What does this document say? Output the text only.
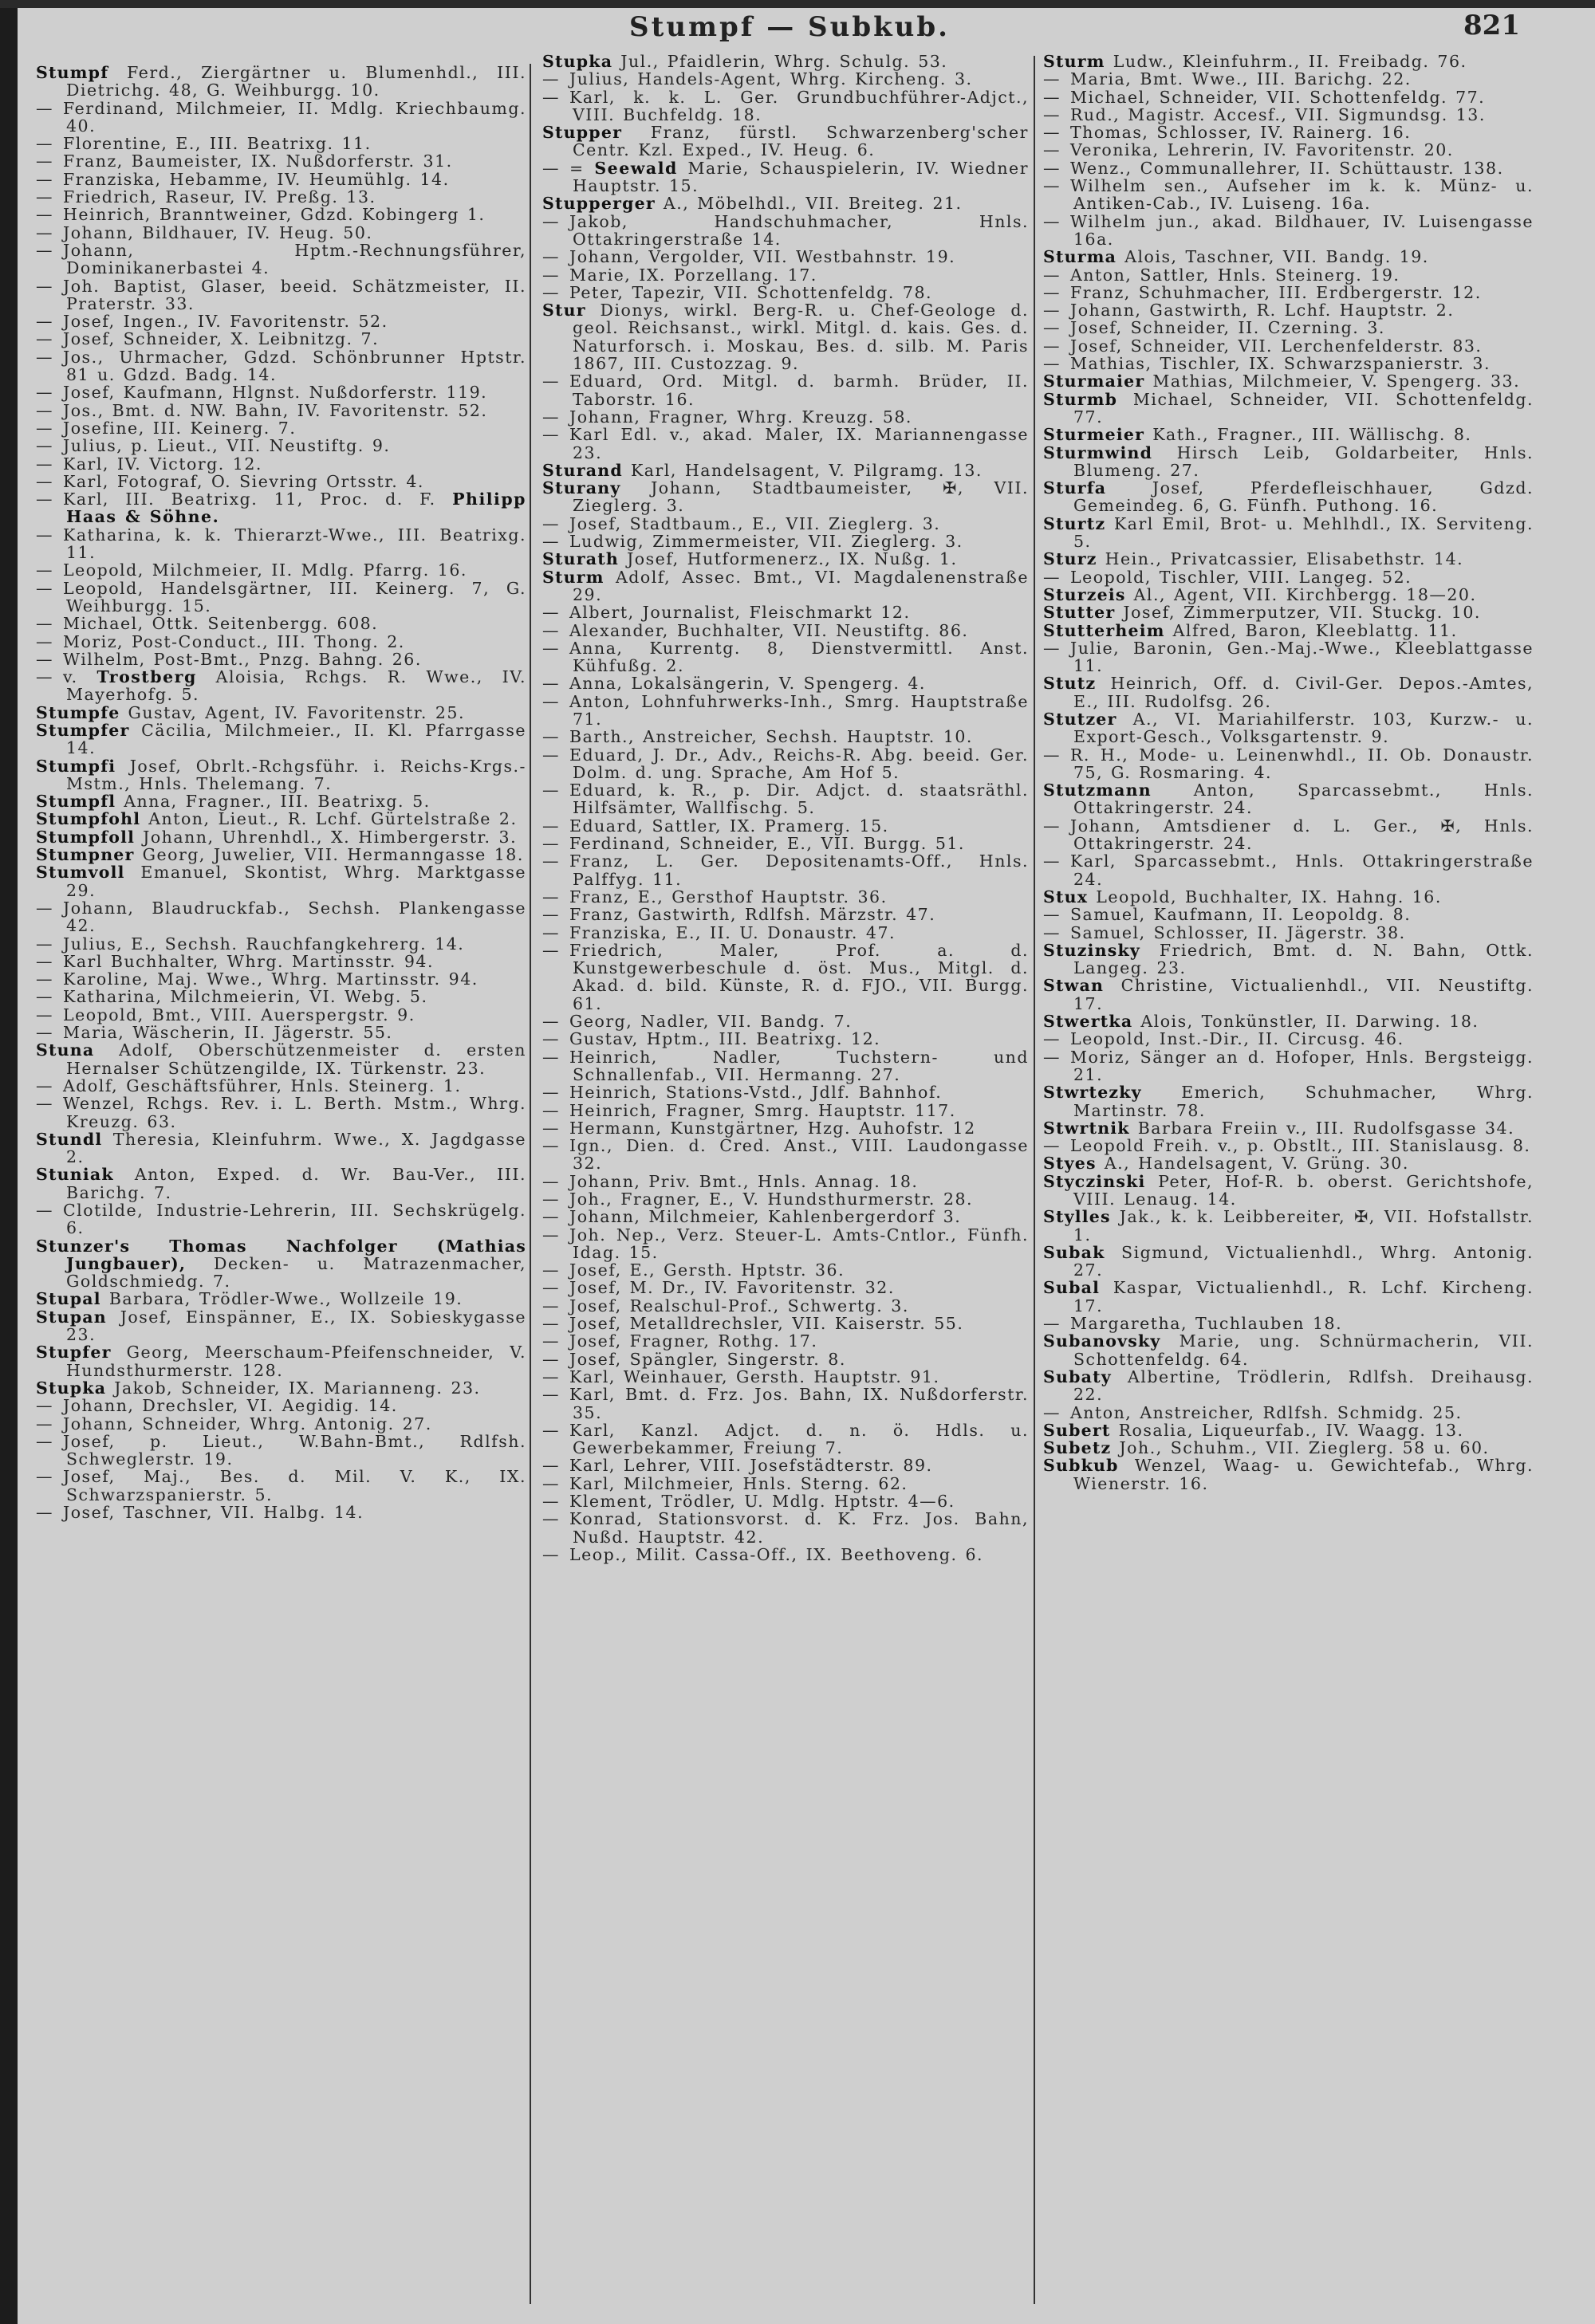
Stumpf — Subkub.	821
Stumpf Ferd., Ziergärtner u. Blumenhdl., III. Dietrichg. 48, G. Weihburgg. 10.
— Ferdinand, Milchmeier, II. Mdlg. Kriechbaumg. 40.
— Florentine, E., III. Beatrixg. 11.
— Franz, Baumeister, IX. Nußdorferstr. 31.
— Franziska, Hebamme, IV. Heumühlg. 14.
— Friedrich, Raseur, IV. Preßg. 13.
— Heinrich, Branntweiner, Gdzd. Kobingerg 1.
— Johann, Bildhauer, IV. Heug. 50.
— Johann, Hptm.-Rechnungsführer, Dominikanerbastei 4.
— Joh. Baptist, Glaser, beeid. Schätzmeister, II. Praterstr. 33.
— Josef, Ingen., IV. Favoritenstr. 52.
— Josef, Schneider, X. Leibnitzg. 7.
— Jos., Uhrmacher, Gdzd. Schönbrunner Hptstr. 81 u. Gdzd. Badg. 14.
— Josef, Kaufmann, Hlgnst. Nußdorferstr. 119.
— Jos., Bmt. d. NW. Bahn, IV. Favoritenstr. 52.
— Josefine, III. Keinerg. 7.
— Julius, p. Lieut., VII. Neustiftg. 9.
— Karl, IV. Victorg. 12.
— Karl, Fotograf, O. Sievring Ortsstr. 4.
— Karl, III. Beatrixg. 11, Proc. d. F. Philipp Haas & Söhne.
— Katharina, k. k. Thierarzt-Wwe., III. Beatrixg. 11.
— Leopold, Milchmeier, II. Mdlg. Pfarrg. 16.
— Leopold, Handelsgärtner, III. Keinerg. 7, G. Weihburgg. 15.
— Michael, Ottk. Seitenbergg. 608.
— Moriz, Post-Conduct., III. Thong. 2.
— Wilhelm, Post-Bmt., Pnzg. Bahng. 26.
— v. Trostberg Aloisia, Rchgs. R. Wwe., IV. Mayerhofg. 5.
Stumpfe Gustav, Agent, IV. Favoritenstr. 25.
Stumpfer Cäcilia, Milchmeier., II. Kl. Pfarrgasse 14.
Stumpfi Josef, Obrlt.-Rchgsführ. i. Reichs-Krgs.-Mstm., Hnls. Thelemang. 7.
Stumpfl Anna, Fragner., III. Beatrixg. 5.
Stumpfohl Anton, Lieut., R. Lchf. Gürtelstraße 2.
Stumpfoll Johann, Uhrenhdl., X. Himbergerstr. 3.
Stumpner Georg, Juwelier, VII. Hermanngasse 18.
Stumvoll Emanuel, Skontist, Whrg. Marktgasse 29.
— Johann, Blaudruckfab., Sechsh. Plankengasse 42.
— Julius, E., Sechsh. Rauchfangkehrerg. 14.
— Karl Buchhalter, Whrg. Martinsstr. 94.
— Karoline, Maj. Wwe., Whrg. Martinsstr. 94.
— Katharina, Milchmeierin, VI. Webg. 5.
— Leopold, Bmt., VIII. Auerspergstr. 9.
— Maria, Wäscherin, II. Jägerstr. 55.
Stuna Adolf, Oberschützenmeister d. ersten Hernalser Schützengilde, IX. Türkenstr. 23.
— Adolf, Geschäftsführer, Hnls. Steinerg. 1.
— Wenzel, Rchgs. Rev. i. L. Berth. Mstm., Whrg. Kreuzg. 63.
Stundl Theresia, Kleinfuhrm. Wwe., X. Jagdgasse 2.
Stuniak Anton, Exped. d. Wr. Bau-Ver., III. Barichg. 7.
— Clotilde, Industrie-Lehrerin, III. Sechskrügelg. 6.
Stunzer's Thomas Nachfolger (Mathias Jungbauer), Decken- u. Matrazenmacher, Goldschmiedg. 7.
Stupal Barbara, Trödler-Wwe., Wollzeile 19.
Stupan Josef, Einspänner, E., IX. Sobieskygasse 23.
Stupfer Georg, Meerschaum-Pfeifenschneider, V. Hundsthurmerstr. 128.
Stupka Jakob, Schneider, IX. Marianneng. 23.
— Johann, Drechsler, VI. Aegidig. 14.
— Johann, Schneider, Whrg. Antonig. 27.
— Josef, p. Lieut., W.Bahn-Bmt., Rdlfsh. Schweglerstr. 19.
— Josef, Maj., Bes. d. Mil. V. K., IX. Schwarzspanierstr. 5.
— Josef, Taschner, VII. Halbg. 14.
Stupka Jul., Pfaidlerin, Whrg. Schulg. 53.
— Julius, Handels-Agent, Whrg. Kircheng. 3.
— Karl, k. k. L. Ger. Grundbuchführer-Adjct., VIII. Buchfeldg. 18.
Stupper Franz, fürstl. Schwarzenberg'scher Centr. Kzl. Exped., IV. Heug. 6.
— = Seewald Marie, Schauspielerin, IV. Wiedner Hauptstr. 15.
Stupperger A., Möbelhdl., VII. Breiteg. 21.
— Jakob, Handschuhmacher, Hnls. Ottakringerstraße 14.
— Johann, Vergolder, VII. Westbahnstr. 19.
— Marie, IX. Porzellang. 17.
— Peter, Tapezir, VII. Schottenfeldg. 78.
Stur Dionys, wirkl. Berg-R. u. Chef-Geologe d. geol. Reichsanst., wirkl. Mitgl. d. kais. Ges. d. Naturforsch. i. Moskau, Bes. d. silb. M. Paris 1867, III. Custozzag. 9.
— Eduard, Ord. Mitgl. d. barmh. Brüder, II. Taborstr. 16.
— Johann, Fragner, Whrg. Kreuzg. 58.
— Karl Edl. v., akad. Maler, IX. Mariannengasse 23.
Sturand Karl, Handelsagent, V. Pilgramg. 13.
Sturany Johann, Stadtbaumeister, ✠, VII. Zieglerg. 3.
— Josef, Stadtbaum., E., VII. Zieglerg. 3.
— Ludwig, Zimmermeister, VII. Zieglerg. 3.
Sturath Josef, Hutformenerz., IX. Nußg. 1.
Sturm Adolf, Assec. Bmt., VI. Magdalenenstraße 29.
— Albert, Journalist, Fleischmarkt 12.
— Alexander, Buchhalter, VII. Neustiftg. 86.
— Anna, Kurrentg. 8, Dienstvermittl. Anst. Kühfußg. 2.
— Anna, Lokalsängerin, V. Spengerg. 4.
— Anton, Lohnfuhrwerks-Inh., Smrg. Hauptstraße 71.
— Barth., Anstreicher, Sechsh. Hauptstr. 10.
— Eduard, J. Dr., Adv., Reichs-R. Abg. beeid. Ger. Dolm. d. ung. Sprache, Am Hof 5.
— Eduard, k. R., p. Dir. Adjct. d. staatsräthl. Hilfsämter, Wallfischg. 5.
— Eduard, Sattler, IX. Pramerg. 15.
— Ferdinand, Schneider, E., VII. Burgg. 51.
— Franz, L. Ger. Depositenamts-Off., Hnls. Palffyg. 11.
— Franz, E., Gersthof Hauptstr. 36.
— Franz, Gastwirth, Rdlfsh. Märzstr. 47.
— Franziska, E., II. U. Donaustr. 47.
— Friedrich, Maler, Prof. a. d. Kunstgewerbeschule d. öst. Mus., Mitgl. d. Akad. d. bild. Künste, R. d. FJO., VII. Burgg. 61.
— Georg, Nadler, VII. Bandg. 7.
— Gustav, Hptm., III. Beatrixg. 12.
— Heinrich, Nadler, Tuchstern- und Schnallenfab., VII. Hermanng. 27.
— Heinrich, Stations-Vstd., Jdlf. Bahnhof.
— Heinrich, Fragner, Smrg. Hauptstr. 117.
— Hermann, Kunstgärtner, Hzg. Auhofstr. 12
— Ign., Dien. d. Cred. Anst., VIII. Laudongasse 32.
— Johann, Priv. Bmt., Hnls. Annag. 18.
— Joh., Fragner, E., V. Hundsthurmerstr. 28.
— Johann, Milchmeier, Kahlenbergerdorf 3.
— Joh. Nep., Verz. Steuer-L. Amts-Cntlor., Fünfh. Idag. 15.
— Josef, E., Gersth. Hptstr. 36.
— Josef, M. Dr., IV. Favoritenstr. 32.
— Josef, Realschul-Prof., Schwertg. 3.
— Josef, Metalldrechsler, VII. Kaiserstr. 55.
— Josef, Fragner, Rothg. 17.
— Josef, Spängler, Singerstr. 8.
— Karl, Weinhauer, Gersth. Hauptstr. 91.
— Karl, Bmt. d. Frz. Jos. Bahn, IX. Nußdorferstr. 35.
— Karl, Kanzl. Adjct. d. n. ö. Hdls. u. Gewerbekammer, Freiung 7.
— Karl, Lehrer, VIII. Josefstädterstr. 89.
— Karl, Milchmeier, Hnls. Sterng. 62.
— Klement, Trödler, U. Mdlg. Hptstr. 4—6.
— Konrad, Stationsvorst. d. K. Frz. Jos. Bahn, Nußd. Hauptstr. 42.
— Leop., Milit. Cassa-Off., IX. Beethoveng. 6.
Sturm Ludw., Kleinfuhrm., II. Freibadg. 76.
— Maria, Bmt. Wwe., III. Barichg. 22.
— Michael, Schneider, VII. Schottenfeldg. 77.
— Rud., Magistr. Accesf., VII. Sigmundsg. 13.
— Thomas, Schlosser, IV. Rainerg. 16.
— Veronika, Lehrerin, IV. Favoritenstr. 20.
— Wenz., Communallehrer, II. Schüttaustr. 138.
— Wilhelm sen., Aufseher im k. k. Münz- u. Antiken-Cab., IV. Luiseng. 16a.
— Wilhelm jun., akad. Bildhauer, IV. Luisengasse 16a.
Sturma Alois, Taschner, VII. Bandg. 19.
— Anton, Sattler, Hnls. Steinerg. 19.
— Franz, Schuhmacher, III. Erdbergerstr. 12.
— Johann, Gastwirth, R. Lchf. Hauptstr. 2.
— Josef, Schneider, II. Czerning. 3.
— Josef, Schneider, VII. Lerchenfelderstr. 83.
— Mathias, Tischler, IX. Schwarzspanierstr. 3.
Sturmaier Mathias, Milchmeier, V. Spengerg. 33.
Sturmb Michael, Schneider, VII. Schottenfeldg. 77.
Sturmeier Kath., Fragner., III. Wällischg. 8.
Sturmwind Hirsch Leib, Goldarbeiter, Hnls. Blumeng. 27.
Sturfa	Josef, Pferdefleischhauer, Gdzd. Gemeindeg. 6, G. Fünfh. Puthong. 16.
Sturtz Karl Emil, Brot- u. Mehlhdl., IX. Serviteng. 5.
Sturz Hein., Privatcassier, Elisabethstr. 14.
— Leopold, Tischler, VIII. Langeg. 52.
Sturzeis Al., Agent, VII. Kirchbergg. 18—20.
Stutter Josef, Zimmerputzer, VII. Stuckg. 10.
Stutterheim Alfred, Baron, Kleeblattg. 11.
— Julie, Baronin, Gen.-Maj.-Wwe., Kleeblattgasse 11.
Stutz Heinrich, Off. d. Civil-Ger. Depos.-Amtes, E., III. Rudolfsg. 26.
Stutzer A., VI. Mariahilferstr. 103, Kurzw.- u. Export-Gesch., Volksgartenstr. 9.
— R. H., Mode- u. Leinenwhdl., II. Ob. Donaustr. 75, G. Rosmaring. 4.
Stutzmann	Anton, Sparcassebmt., Hnls. Ottakringerstr. 24.
— Johann, Amtsdiener d. L. Ger., ✠, Hnls. Ottakringerstr. 24.
— Karl, Sparcassebmt., Hnls. Ottakringerstraße 24.
Stux Leopold, Buchhalter, IX. Hahng. 16.
— Samuel, Kaufmann, II. Leopoldg. 8.
— Samuel, Schlosser, II. Jägerstr. 38.
Stuzinsky Friedrich, Bmt. d. N. Bahn, Ottk. Langeg. 23.
Stwan Christine, Victualienhdl., VII. Neustiftg. 17.
Stwertka Alois, Tonkünstler, II. Darwing. 18.
— Leopold, Inst.-Dir., II. Circusg. 46.
— Moriz, Sänger an d. Hofoper, Hnls. Bergsteigg. 21.
Stwrtezky Emerich, Schuhmacher, Whrg. Martinstr. 78.
Stwrtnik Barbara Freiin v., III. Rudolfsgasse 34.
— Leopold Freih. v., p. Obstlt., III. Stanislausg. 8.
Styes A., Handelsagent, V. Grüng. 30.
Styczinski Peter, Hof-R. b. oberst. Gerichtshofe, VIII. Lenaug. 14.
Stylles Jak., k. k. Leibbereiter, ✠, VII. Hofstallstr. 1.
Subak Sigmund, Victualienhdl., Whrg. Antonig. 27.
Subal Kaspar, Victualienhdl., R. Lchf. Kircheng. 17.
— Margaretha, Tuchlauben 18.
Subanovsky Marie, ung. Schnürmacherin, VII. Schottenfeldg. 64.
Subaty Albertine, Trödlerin, Rdlfsh. Dreihausg. 22.
— Anton, Anstreicher, Rdlfsh. Schmidg. 25.
Subert Rosalia, Liqueurfab., IV. Waagg. 13.
Subetz Joh., Schuhm., VII. Zieglerg. 58 u. 60.
Subkub Wenzel, Waag- u. Gewichtefab., Whrg. Wienerstr. 16.
